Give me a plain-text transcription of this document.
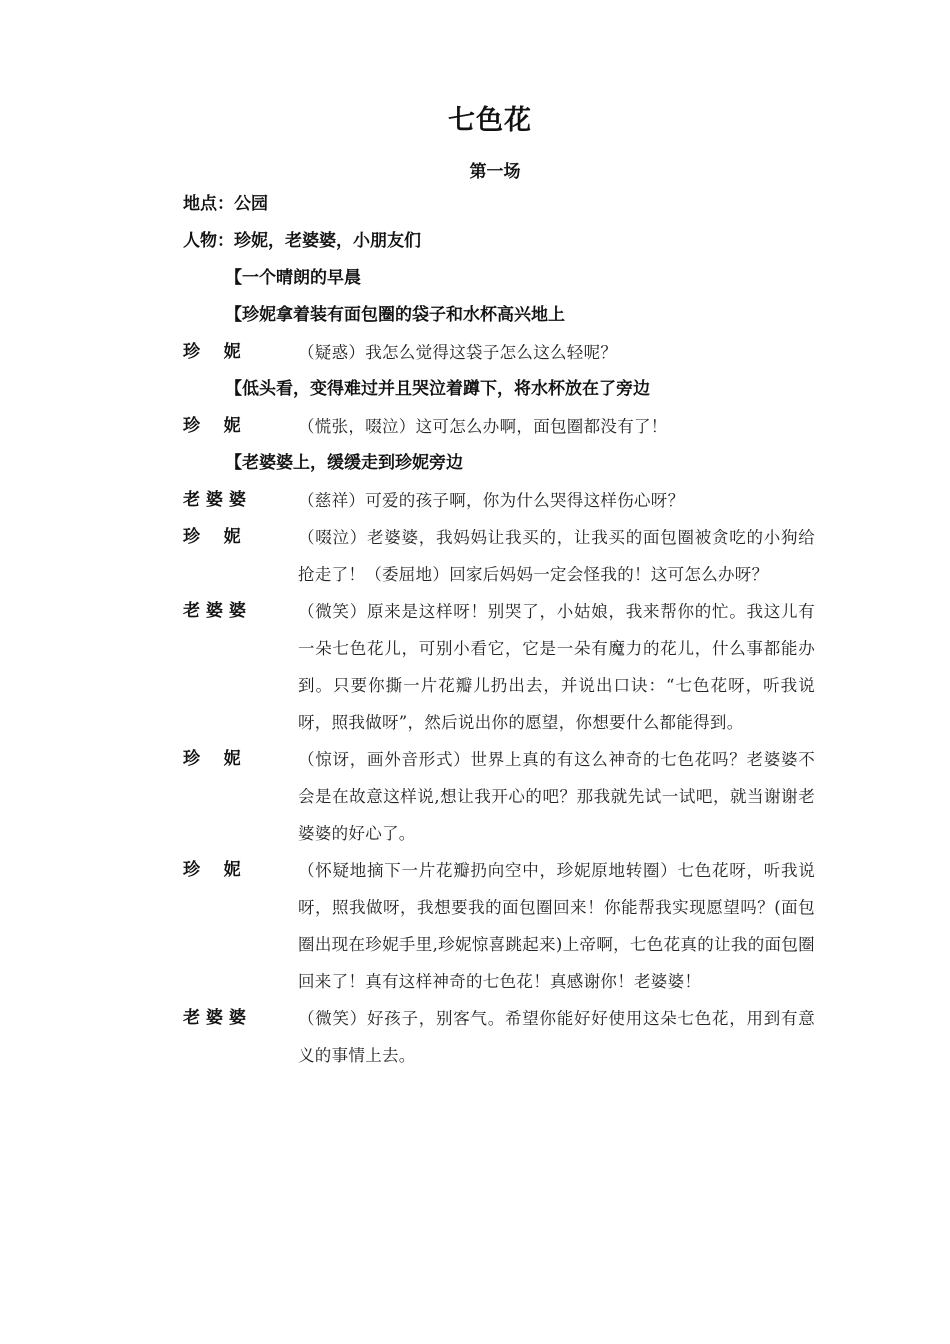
七色花
第一场
地点：公园
人物：珍妮，老婆婆，小朋友们
【一个晴朗的早晨
【珍妮拿着装有面包圈的袋子和水杯高兴地上
珍    妮	（疑惑）我怎么觉得这袋子怎么这么轻呢？
【低头看，变得难过并且哭泣着蹲下，将水杯放在了旁边
珍    妮	（慌张，啜泣）这可怎么办啊，面包圈都没有了！
【老婆婆上，缓缓走到珍妮旁边
老 婆 婆	（慈祥）可爱的孩子啊，你为什么哭得这样伤心呀？
珍    妮	（啜泣）老婆婆，我妈妈让我买的，让我买的面包圈被贪吃的小狗给抢走了！（委屈地）回家后妈妈一定会怪我的！这可怎么办呀？
老 婆 婆	（微笑）原来是这样呀！别哭了，小姑娘，我来帮你的忙。我这儿有一朵七色花儿，可别小看它，它是一朵有魔力的花儿，什么事都能办到。只要你撕一片花瓣儿扔出去，并说出口诀：“七色花呀，听我说呀，照我做呀”，然后说出你的愿望，你想要什么都能得到。
珍    妮	（惊讶，画外音形式）世界上真的有这么神奇的七色花吗？老婆婆不会是在故意这样说,想让我开心的吧？那我就先试一试吧，就当谢谢老婆婆的好心了。
珍    妮	（怀疑地摘下一片花瓣扔向空中，珍妮原地转圈）七色花呀，听我说呀，照我做呀，我想要我的面包圈回来！你能帮我实现愿望吗？(面包圈出现在珍妮手里,珍妮惊喜跳起来)上帝啊，七色花真的让我的面包圈回来了！真有这样神奇的七色花！真感谢你！老婆婆！
老 婆 婆	（微笑）好孩子，别客气。希望你能好好使用这朵七色花，用到有意义的事情上去。
